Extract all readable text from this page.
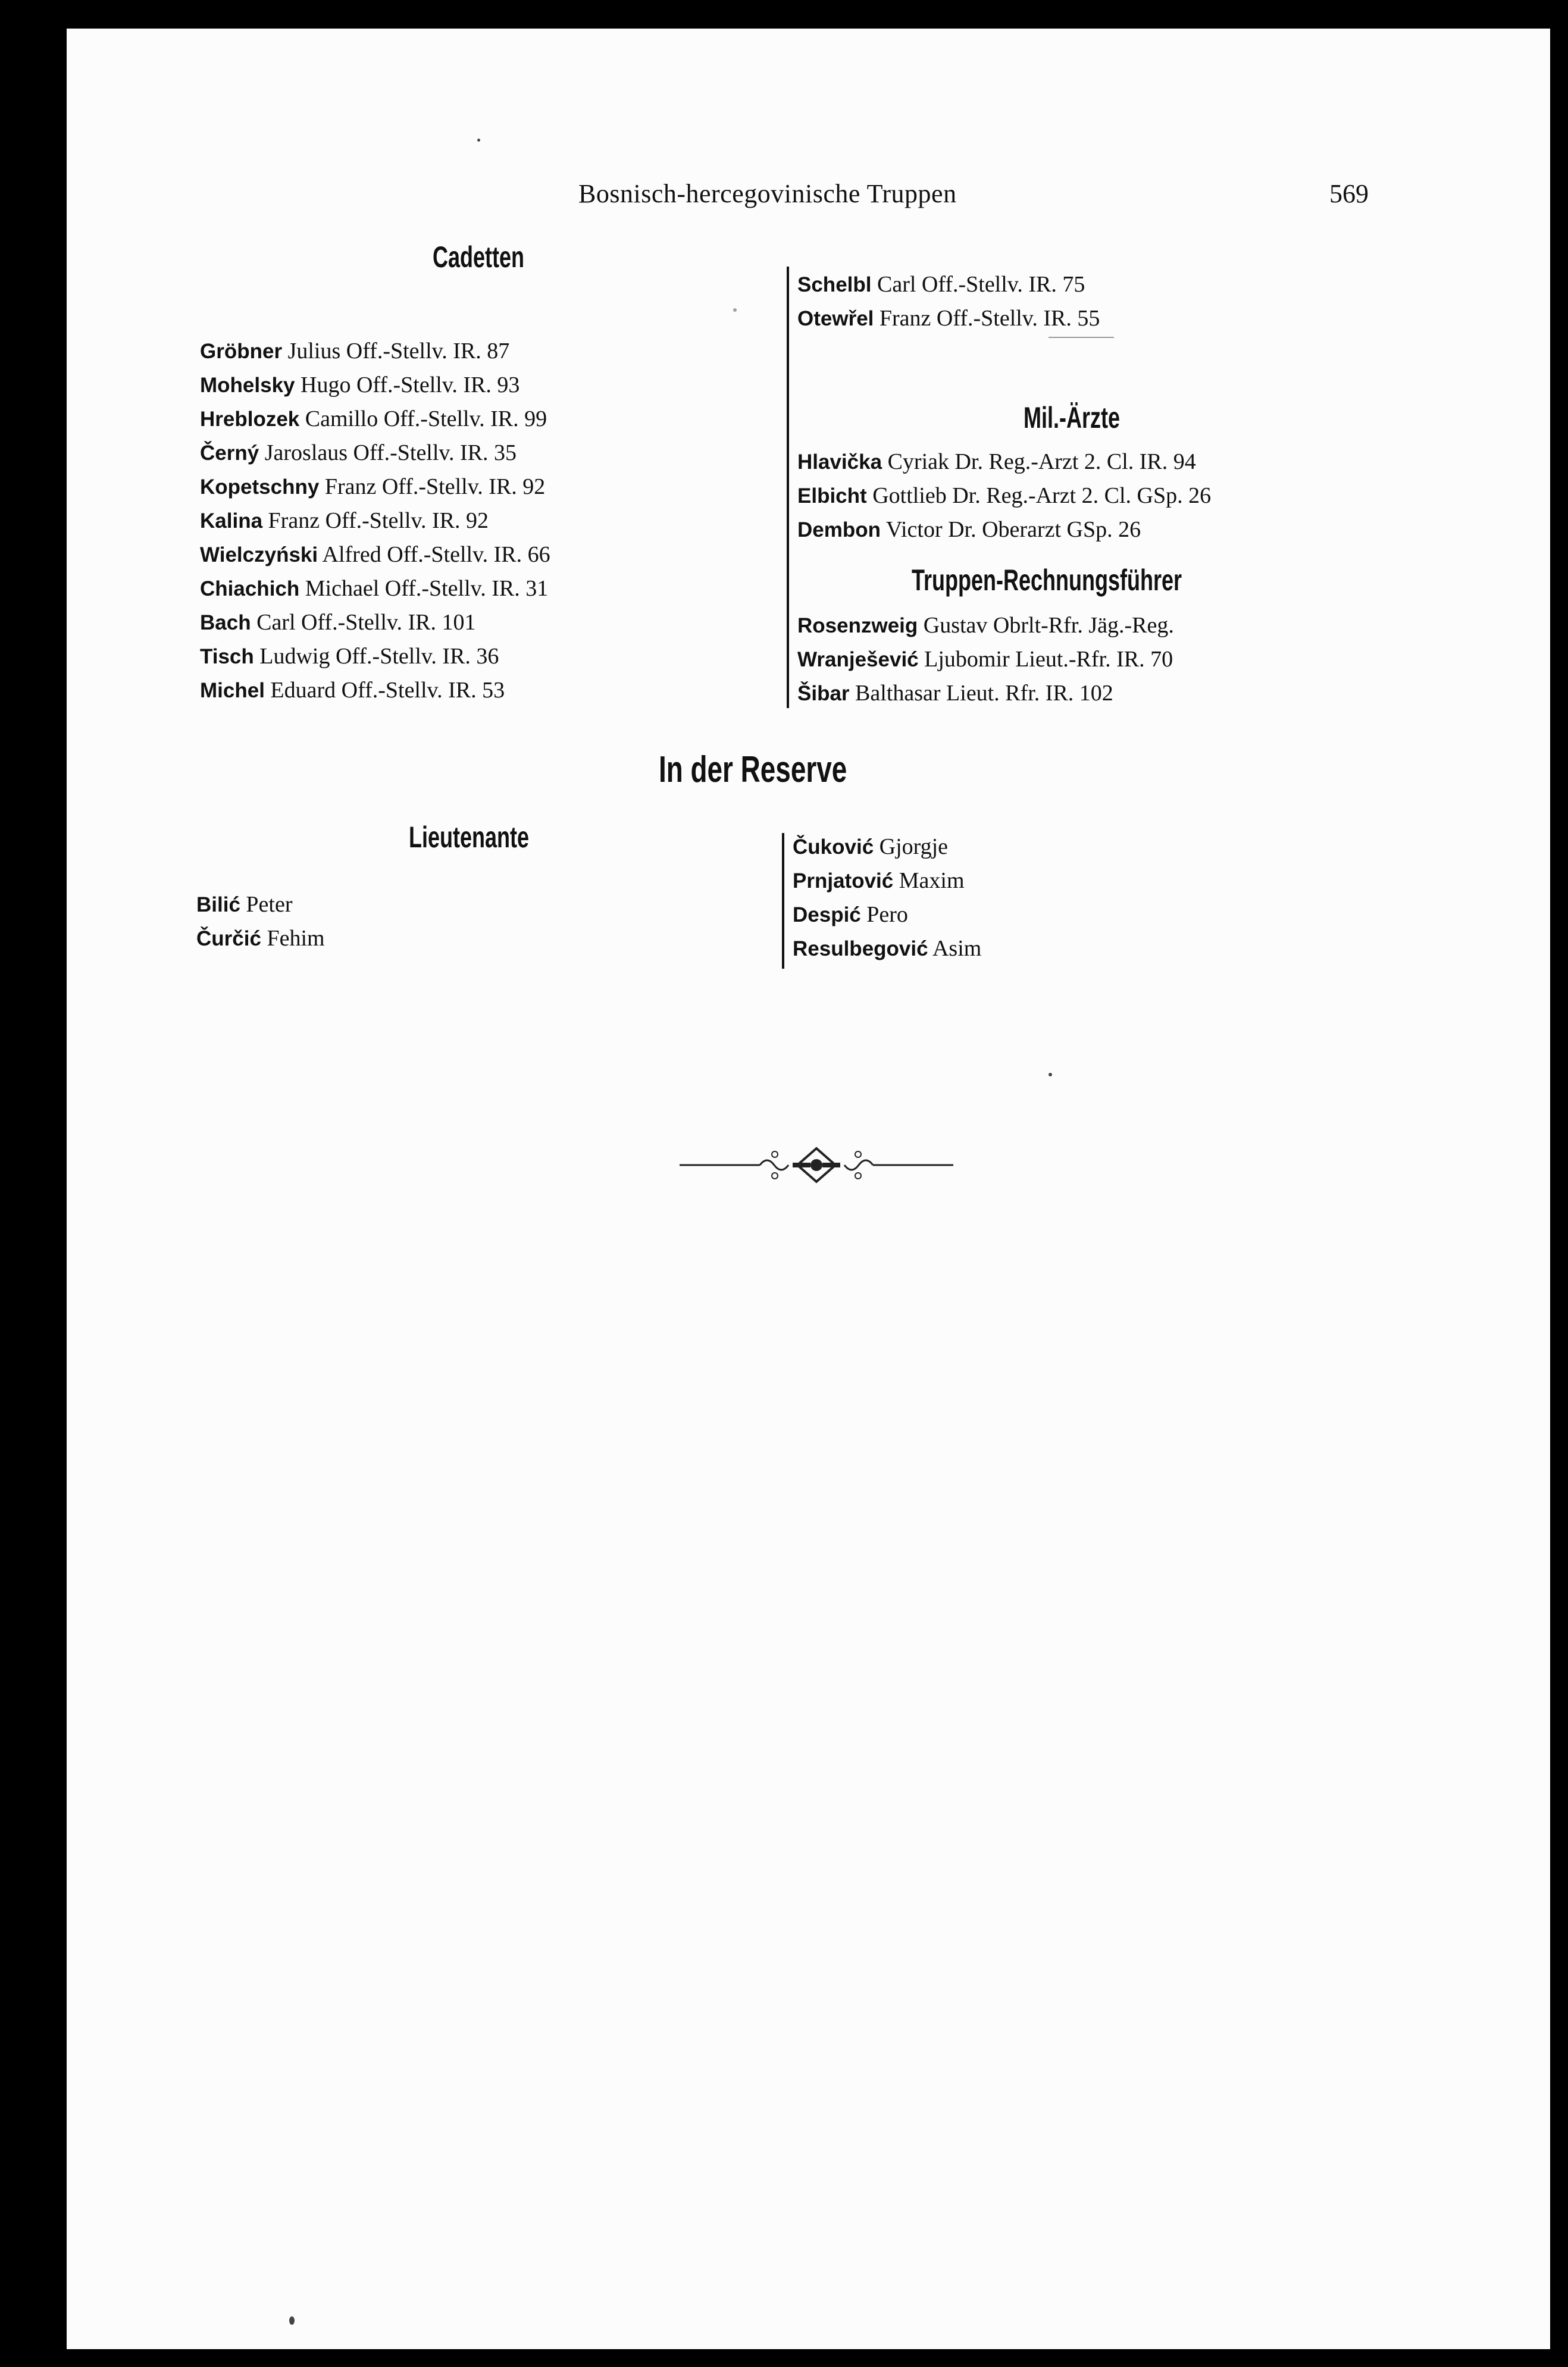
Bosnisch-hercegovinische Truppen	569
Cadetten
Gröbner Julius Off.-Stellv. IR. 87
Mohelsky Hugo Off.-Stellv. IR. 93
Hreblozek Camillo Off.-Stellv. IR. 99
Černý Jaroslaus Off.-Stellv. IR. 35
Kopetschny Franz Off.-Stellv. IR. 92
Kalina Franz Off.-Stellv. IR. 92
Wielczyński Alfred Off.-Stellv. IR. 66
Chiachich Michael Off.-Stellv. IR. 31
Bach Carl Off.-Stellv. IR. 101
Tisch Ludwig Off.-Stellv. IR. 36
Michel Eduard Off.-Stellv. IR. 53
Schelbl Carl Off.-Stellv. IR. 75
Otewřel Franz Off.-Stellv. IR. 55
Mil.-Ärzte
Hlavička Cyriak Dr. Reg.-Arzt 2. Cl. IR. 94
Elbicht Gottlieb Dr. Reg.-Arzt 2. Cl. GSp. 26
Dembon Victor Dr. Oberarzt GSp. 26
Truppen-Rechnungsführer
Rosenzweig Gustav Obrlt-Rfr. Jäg.-Reg.
Wranješević Ljubomir Lieut.-Rfr. IR. 70
Šibar Balthasar Lieut. Rfr. IR. 102
In der Reserve
Lieutenante
Bilić Peter
Čurčić Fehim
Čuković Gjorgje
Prnjatović Maxim
Despić Pero
Resulbegović Asim
